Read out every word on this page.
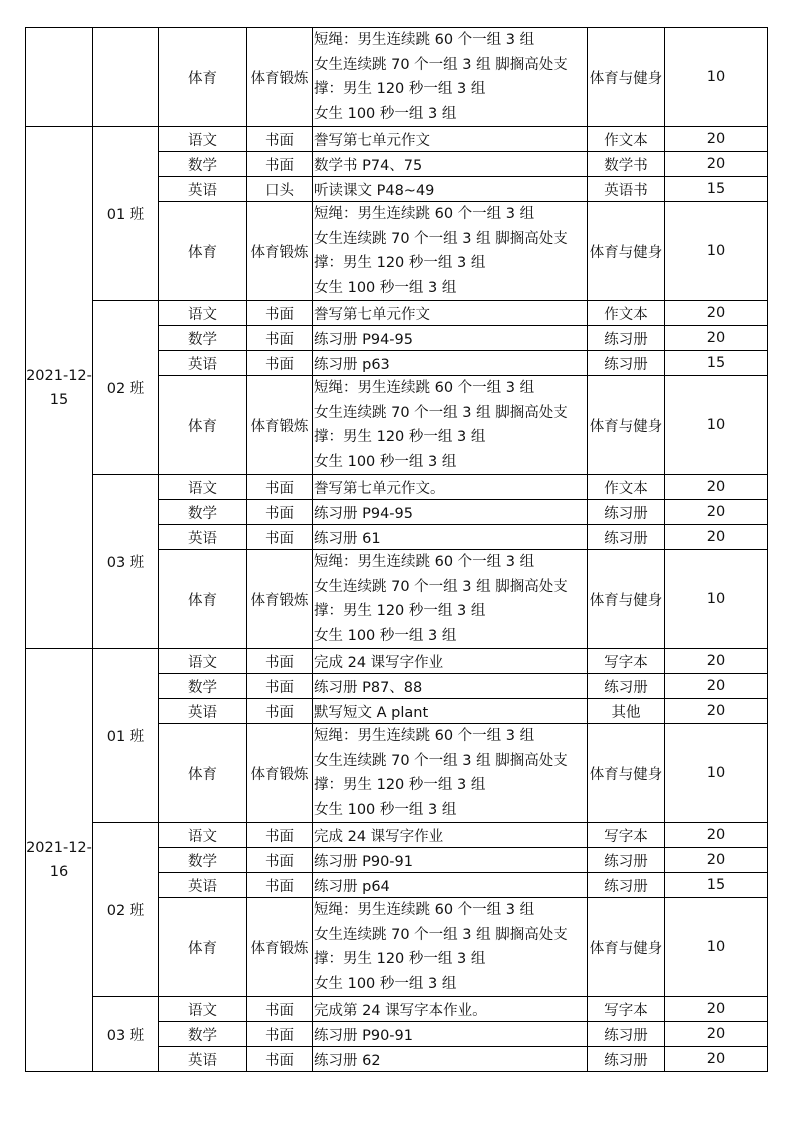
		体育	体育锻炼	短绳：男生连续跳 60 个一组 3 组
女生连续跳 70 个一组 3 组 脚搁高处支
撑：男生 120 秒一组 3 组
女生 100 秒一组 3 组	体育与健身	10

2021-12-
15	01 班	语文	书面	誊写第七单元作文	作文本	20
		数学	书面	数学书 P74、75	数学书	20
		英语	口头	听读课文 P48~49	英语书	15
		体育	体育锻炼	短绳：男生连续跳 60 个一组 3 组
女生连续跳 70 个一组 3 组 脚搁高处支
撑：男生 120 秒一组 3 组
女生 100 秒一组 3 组	体育与健身	10
	02 班	语文	书面	誊写第七单元作文	作文本	20
		数学	书面	练习册 P94-95	练习册	20
		英语	书面	练习册 p63	练习册	15
		体育	体育锻炼	短绳：男生连续跳 60 个一组 3 组
女生连续跳 70 个一组 3 组 脚搁高处支
撑：男生 120 秒一组 3 组
女生 100 秒一组 3 组	体育与健身	10
	03 班	语文	书面	誊写第七单元作文。	作文本	20
		数学	书面	练习册 P94-95	练习册	20
		英语	书面	练习册 61	练习册	20
		体育	体育锻炼	短绳：男生连续跳 60 个一组 3 组
女生连续跳 70 个一组 3 组 脚搁高处支
撑：男生 120 秒一组 3 组
女生 100 秒一组 3 组	体育与健身	10

2021-12-
16	01 班	语文	书面	完成 24 课写字作业	写字本	20
		数学	书面	练习册 P87、88	练习册	20
		英语	书面	默写短文 A plant	其他	20
		体育	体育锻炼	短绳：男生连续跳 60 个一组 3 组
女生连续跳 70 个一组 3 组 脚搁高处支
撑：男生 120 秒一组 3 组
女生 100 秒一组 3 组	体育与健身	10
	02 班	语文	书面	完成 24 课写字作业	写字本	20
		数学	书面	练习册 P90-91	练习册	20
		英语	书面	练习册 p64	练习册	15
		体育	体育锻炼	短绳：男生连续跳 60 个一组 3 组
女生连续跳 70 个一组 3 组 脚搁高处支
撑：男生 120 秒一组 3 组
女生 100 秒一组 3 组	体育与健身	10
	03 班	语文	书面	完成第 24 课写字本作业。	写字本	20
		数学	书面	练习册 P90-91	练习册	20
		英语	书面	练习册 62	练习册	20
